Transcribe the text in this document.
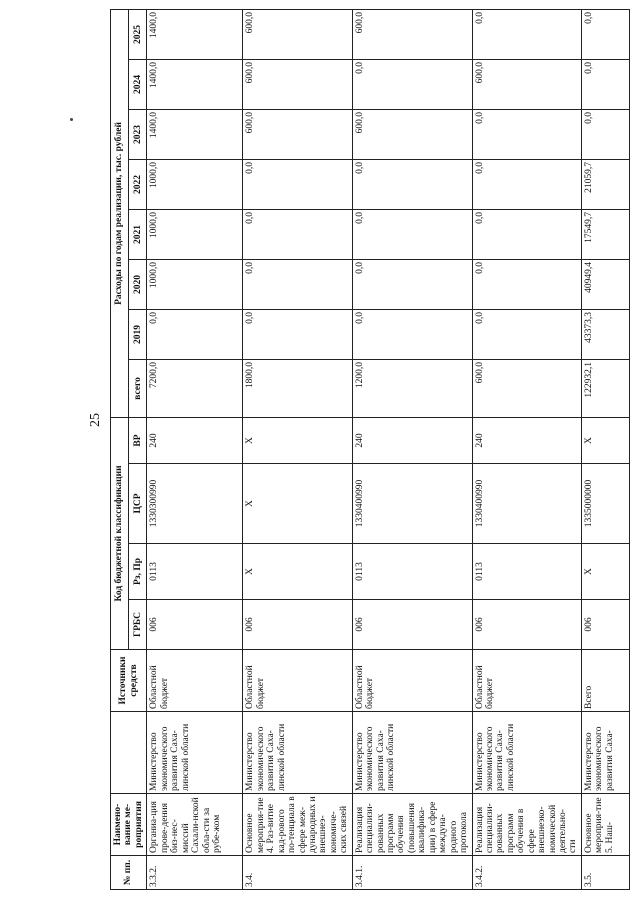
25
№ пп.	Наимено-вание ме-роприятия		Источники средств	Код бюджетной классификации				Расходы по годам реализации, тыс. рублей							
				ГРБС	Рз, Пр	ЦСР	ВР	всего	2019	2020	2021	2022	2023	2024	2025
3.3.2.	Органиа-ция прове-дения биз-нес-миссий Сахали-нской обла-сти за рубе-жом	Министерство экономического развития Саха-линской области	Областной бюджет	006	0113	1330300990	240	7200,0	0,0	1000,0	1000,0	1000,0	1400,0	1400,0	1400,0
3.4.	Основное мероприя-тие 4. Раз-витие кад-рового по-тенциала в сфере меж-дународных и внешнеэ-кономиче-ских связей	Министерство экономического развития Саха-линской области	Областной бюджет	006	X	X	X	1800,0	0,0	0,0	0,0	0,0	600,0	600,0	600,0
3.4.1.	Реализация специализи-рованных программ обучения (повышения квалифика-ции) в сфере междуна-родного протокола	Министерство экономического развития Саха-линской области	Областной бюджет	006	0113	1330400990	240	1200,0	0,0	0,0	0,0	0,0	600,0	0,0	600,0
3.4.2.	Реализация специализи-рованных программ обучения в сфере внешнеэко-номической деятельно-сти	Министерство экономического развития Саха-линской области	Областной бюджет	006	0113	1330400990	240	600,0	0,0	0,0	0,0	0,0	0,0	600,0	0,0
3.5.	Основное мероприя-тие 5. Наш-	Министерство экономического развития Саха-	Всего	006	X	1335000000	X	122932,1	43373,3	40949,4	17549,7	21059,7	0,0	0,0	0,0
